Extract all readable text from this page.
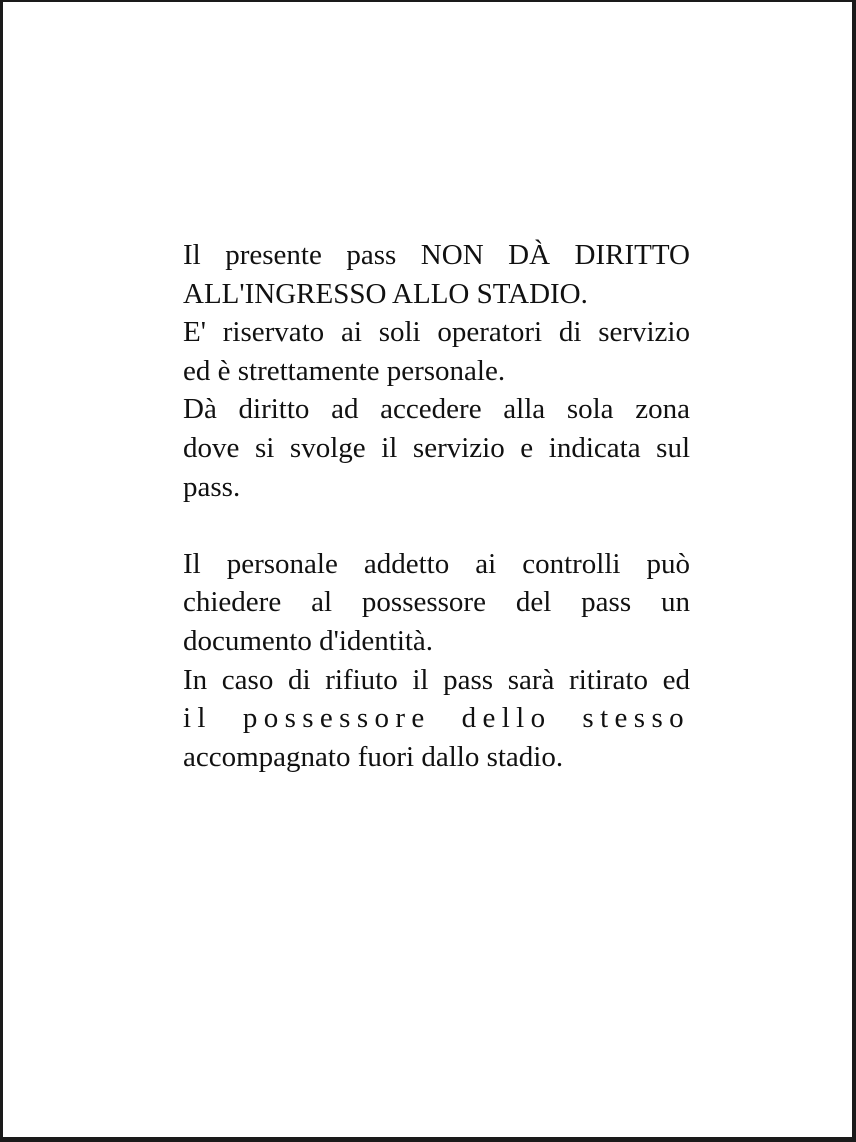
Il presente pass NON DÀ DIRITTO
ALL'INGRESSO ALLO STADIO.
E' riservato ai soli operatori di servizio
ed è strettamente personale.
Dà diritto ad accedere alla sola zona
dove si svolge il servizio e indicata sul
pass.
Il personale addetto ai controlli può
chiedere al possessore del pass un
documento d'identità.
In caso di rifiuto il pass sarà ritirato ed
il possessore dello stesso
accompagnato fuori dallo stadio.
